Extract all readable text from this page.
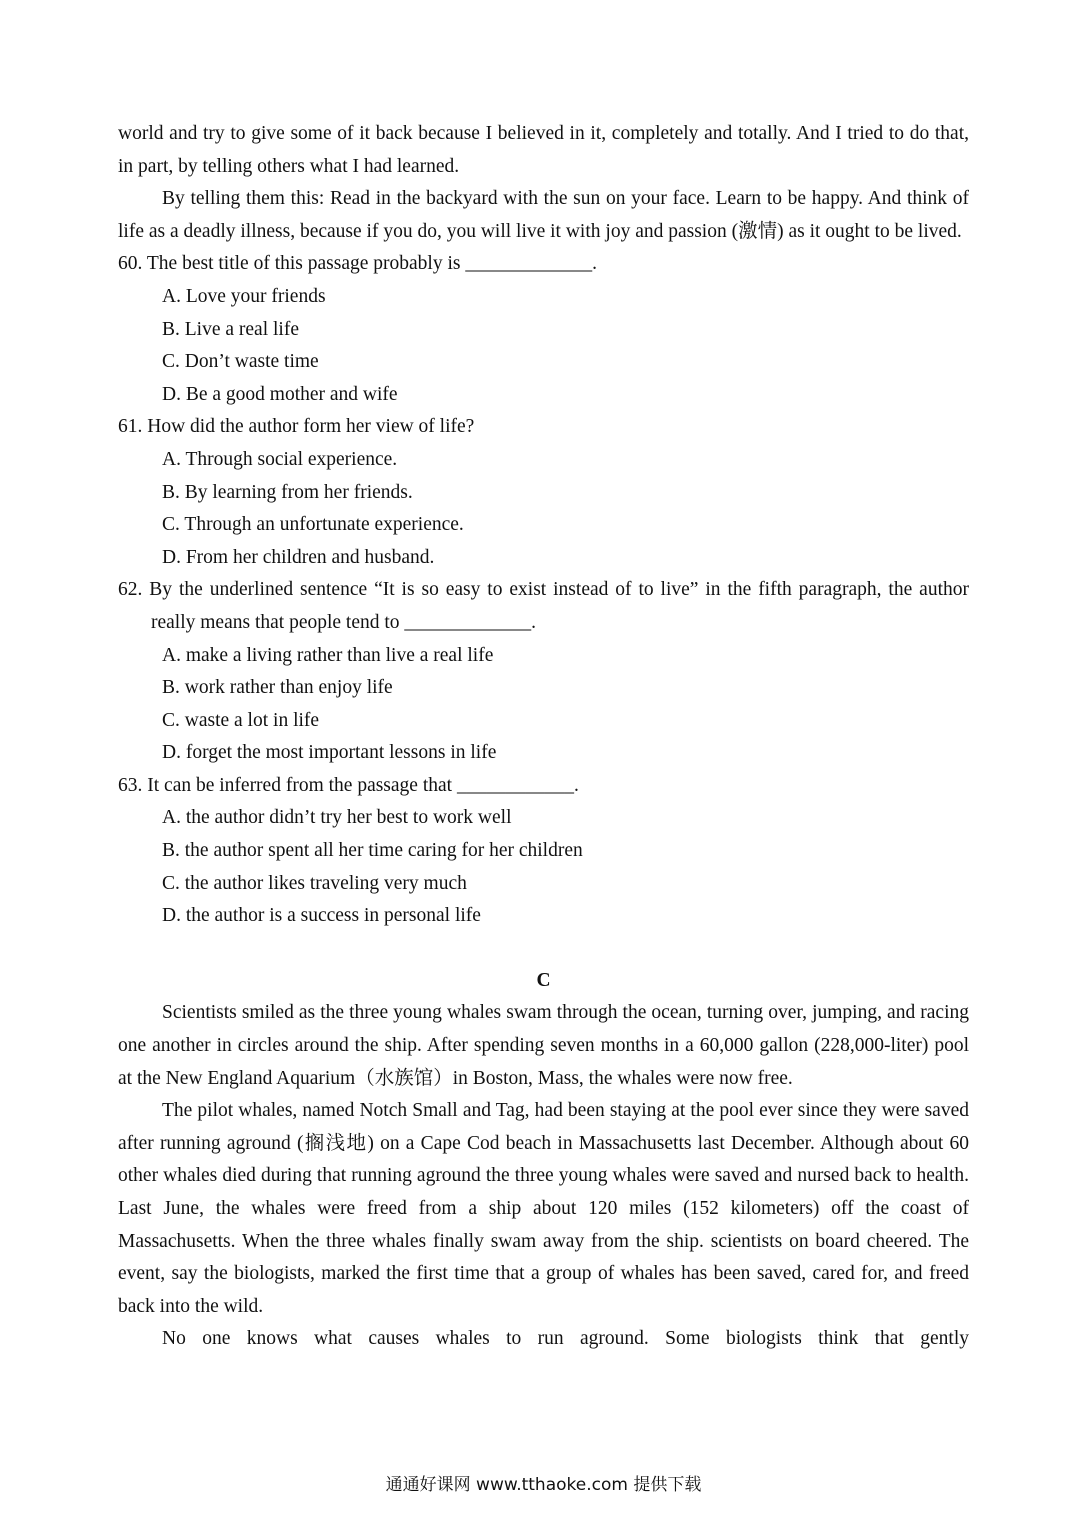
world and try to give some of it back because I believed in it, completely and totally. And I tried to do that, in part, by telling others what I had learned.

By telling them this: Read in the backyard with the sun on your face. Learn to be happy. And think of life as a deadly illness, because if you do, you will live it with joy and passion (激情) as it ought to be lived.

60. The best title of this passage probably is _____________.

A. Love your friends
B. Live a real life
C. Don’t waste time
D. Be a good mother and wife

61. How did the author form her view of life?

A. Through social experience.
B. By learning from her friends.
C. Through an unfortunate experience.
D. From her children and husband.

62. By the underlined sentence “It is so easy to exist instead of to live” in the fifth paragraph, the author really means that people tend to _____________.

A. make a living rather than live a real life
B. work rather than enjoy life
C. waste a lot in life
D. forget the most important lessons in life

63. It can be inferred from the passage that ____________.

A. the author didn’t try her best to work well
B. the author spent all her time caring for her children
C. the author likes traveling very much
D. the author is a success in personal life

C

Scientists smiled as the three young whales swam through the ocean, turning over, jumping, and racing one another in circles around the ship. After spending seven months in a 60,000 gallon (228,000-liter) pool at the New England Aquarium（水族馆）in Boston, Mass, the whales were now free.

The pilot whales, named Notch Small and Tag, had been staying at the pool ever since they were saved after running aground (搁浅地) on a Cape Cod beach in Massachusetts last December. Although about 60 other whales died during that running aground the three young whales were saved and nursed back to health. Last June, the whales were freed from a ship about 120 miles (152 kilometers) off the coast of Massachusetts. When the three whales finally swam away from the ship. scientists on board cheered. The event, say the biologists, marked the first time that a group of whales has been saved, cared for, and freed back into the wild.

No one knows what causes whales to run aground. Some biologists think that gently

通通好课网 www.tthaoke.com 提供下载
